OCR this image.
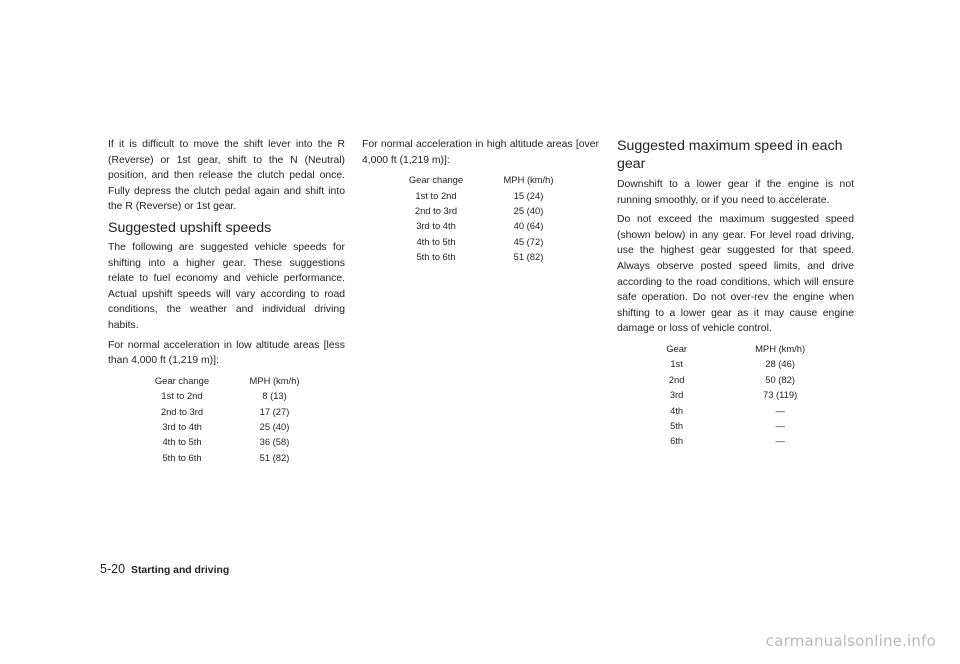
If it is difficult to move the shift lever into the R (Reverse) or 1st gear, shift to the N (Neutral) position, and then release the clutch pedal once. Fully depress the clutch pedal again and shift into the R (Reverse) or 1st gear.

Suggested upshift speeds

The following are suggested vehicle speeds for shifting into a higher gear. These suggestions relate to fuel economy and vehicle performance. Actual upshift speeds will vary according to road conditions, the weather and individual driving habits.

For normal acceleration in low altitude areas [less than 4,000 ft (1,219 m)]:

Gear change	MPH (km/h)
1st to 2nd	8 (13)
2nd to 3rd	17 (27)
3rd to 4th	25 (40)
4th to 5th	36 (58)
5th to 6th	51 (82)

For normal acceleration in high altitude areas [over 4,000 ft (1,219 m)]:

Gear change	MPH (km/h)
1st to 2nd	15 (24)
2nd to 3rd	25 (40)
3rd to 4th	40 (64)
4th to 5th	45 (72)
5th to 6th	51 (82)
Suggested maximum speed in each gear

Downshift to a lower gear if the engine is not running smoothly, or if you need to accelerate.

Do not exceed the maximum suggested speed (shown below) in any gear. For level road driving, use the highest gear suggested for that speed. Always observe posted speed limits, and drive according to the road conditions, which will ensure safe operation. Do not over-rev the engine when shifting to a lower gear as it may cause engine damage or loss of vehicle control.

Gear	MPH (km/h)
1st	28 (46)
2nd	50 (82)
3rd	73 (119)
4th	—
5th	—
6th	—
5-20 Starting and driving
carmanualsonline.info
